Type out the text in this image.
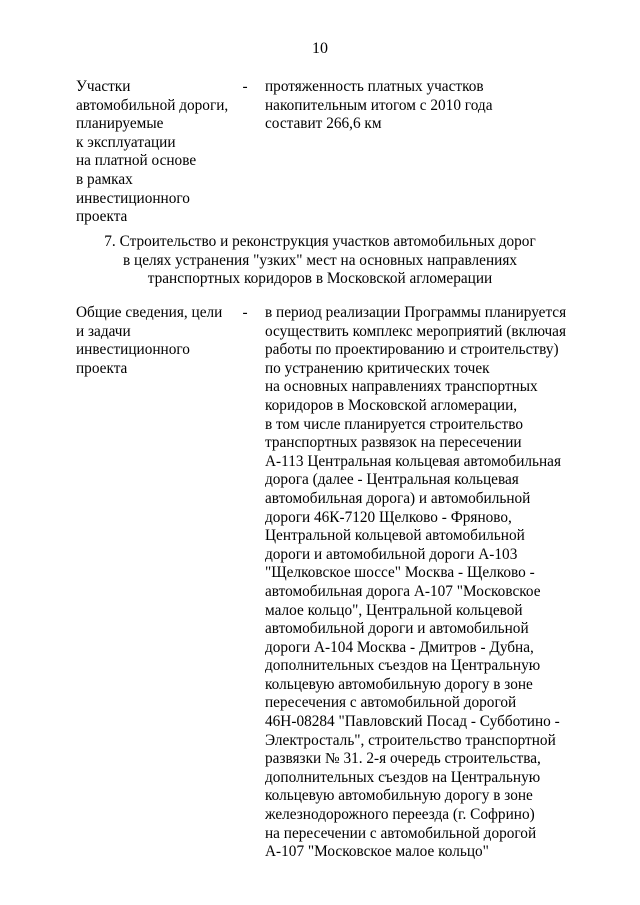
10
Участки
автомобильной дороги,
планируемые
к эксплуатации
на платной основе
в рамках
инвестиционного
проекта
- протяженность платных участков
накопительным итогом с 2010 года
составит 266,6 км
7. Строительство и реконструкция участков автомобильных дорог
в целях устранения "узких" мест на основных направлениях
транспортных коридоров в Московской агломерации
Общие сведения, цели
и задачи
инвестиционного
проекта
- в период реализации Программы планируется
осуществить комплекс мероприятий (включая
работы по проектированию и строительству)
по устранению критических точек
на основных направлениях транспортных
коридоров в Московской агломерации,
в том числе планируется строительство
транспортных развязок на пересечении
А-113 Центральная кольцевая автомобильная
дорога (далее - Центральная кольцевая
автомобильная дорога) и автомобильной
дороги 46К-7120 Щелково - Фряново,
Центральной кольцевой автомобильной
дороги и автомобильной дороги А-103
"Щелковское шоссе" Москва - Щелково -
автомобильная дорога А-107 "Московское
малое кольцо", Центральной кольцевой
автомобильной дороги и автомобильной
дороги А-104 Москва - Дмитров - Дубна,
дополнительных съездов на Центральную
кольцевую автомобильную дорогу в зоне
пересечения с автомобильной дорогой
46Н-08284 "Павловский Посад - Субботино -
Электросталь", строительство транспортной
развязки № 31. 2-я очередь строительства,
дополнительных съездов на Центральную
кольцевую автомобильную дорогу в зоне
железнодорожного переезда (г. Софрино)
на пересечении с автомобильной дорогой
А-107 "Московское малое кольцо"
